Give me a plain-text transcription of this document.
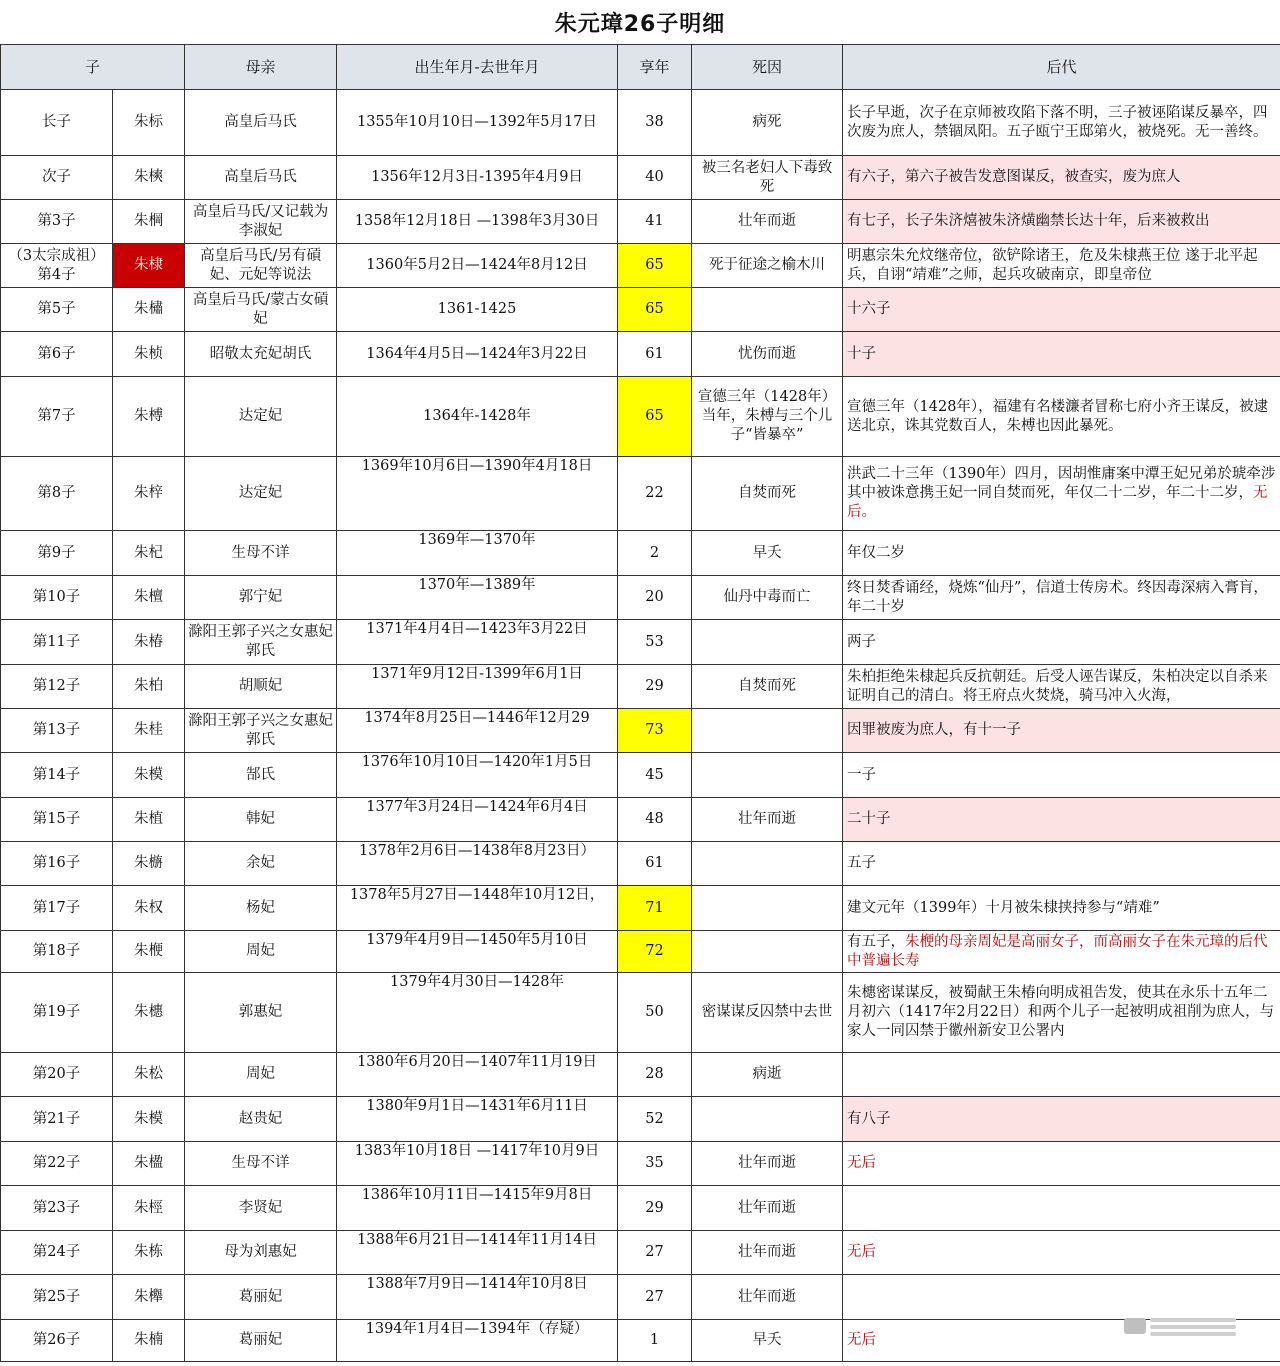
朱元璋26子明细
子		母亲	出生年月-去世年月	享年	死因	后代
长子	朱标	高皇后马氏	1355年10月10日—1392年5月17日	38	病死	长子早逝，次子在京师被攻陷下落不明，三子被诬陷谋反暴卒，四次废为庶人，禁锢凤阳。五子瓯宁王邸第火，被烧死。无一善终。
次子	朱樉	高皇后马氏	1356年12月3日-1395年4月9日	40	被三名老妇人下毒致死	有六子，第六子被告发意图谋反，被查实，废为庶人
第3子	朱棡	高皇后马氏/又记载为李淑妃	1358年12月18日 —1398年3月30日	41	壮年而逝	有七子，长子朱济熺被朱济熿幽禁长达十年，后来被救出
（3太宗成祖）第4子	朱棣	高皇后马氏/另有碽妃、元妃等说法	1360年5月2日—1424年8月12日	65	死于征途之榆木川	明惠宗朱允炆继帝位，欲铲除诸王，危及朱棣燕王位 遂于北平起兵，自诩“靖难”之师，起兵攻破南京，即皇帝位
第5子	朱橚	高皇后马氏/蒙古女碽妃	1361-1425	65		十六子
第6子	朱桢	昭敬太充妃胡氏	1364年4月5日—1424年3月22日	61	忧伤而逝	十子
第7子	朱榑	达定妃	1364年-1428年	65	宣德三年（1428年）当年，朱榑与三个儿子“皆暴卒”	宣德三年（1428年），福建有名楼濂者冒称七府小齐王谋反，被逮送北京，诛其党数百人，朱榑也因此暴死。
第8子	朱梓	达定妃	1369年10月6日—1390年4月18日	22	自焚而死	洪武二十三年（1390年）四月，因胡惟庸案中潭王妃兄弟於琥牵涉其中被诛意携王妃一同自焚而死，年仅二十二岁，年二十二岁，无后。
第9子	朱杞	生母不详	1369年—1370年	2	早夭	年仅二岁
第10子	朱檀	郭宁妃	1370年—1389年	20	仙丹中毒而亡	终日焚香诵经，烧炼“仙丹”，信道士传房术。终因毒深病入膏肓，年二十岁
第11子	朱椿	滁阳王郭子兴之女惠妃郭氏	1371年4月4日—1423年3月22日	53		两子
第12子	朱柏	胡顺妃	1371年9月12日-1399年6月1日	29	自焚而死	朱柏拒绝朱棣起兵反抗朝廷。后受人诬告谋反，朱柏决定以自杀来证明自己的清白。将王府点火焚烧，骑马冲入火海，
第13子	朱桂	滁阳王郭子兴之女惠妃郭氏	1374年8月25日—1446年12月29	73		因罪被废为庶人，有十一子
第14子	朱模	郜氏	1376年10月10日—1420年1月5日	45		一子
第15子	朱植	韩妃	1377年3月24日—1424年6月4日	48	壮年而逝	二十子
第16子	朱㮵	余妃	1378年2月6日—1438年8月23日）	61		五子
第17子	朱权	杨妃	1378年5月27日—1448年10月12日，	71		建文元年（1399年）十月被朱棣挟持参与“靖难”
第18子	朱楩	周妃	1379年4月9日—1450年5月10日	72		有五子，朱楩的母亲周妃是高丽女子，而高丽女子在朱元璋的后代中普遍长寿
第19子	朱橞	郭惠妃	1379年4月30日—1428年	50	密谋谋反囚禁中去世	朱橞密谋谋反，被蜀献王朱椿向明成祖告发，使其在永乐十五年二月初六（1417年2月22日）和两个儿子一起被明成祖削为庶人，与家人一同囚禁于徽州新安卫公署内
第20子	朱松	周妃	1380年6月20日—1407年11月19日	28	病逝	
第21子	朱模	赵贵妃	1380年9月1日—1431年6月11日	52		有八子
第22子	朱楹	生母不详	1383年10月18日 —1417年10月9日	35	壮年而逝	无后
第23子	朱桱	李贤妃	1386年10月11日—1415年9月8日	29	壮年而逝	
第24子	朱栋	母为刘惠妃	1388年6月21日—1414年11月14日	27	壮年而逝	无后
第25子	朱櫸	葛丽妃	1388年7月9日—1414年10月8日	27	壮年而逝	
第26子	朱楠	葛丽妃	1394年1月4日—1394年（存疑）	1	早夭	无后
